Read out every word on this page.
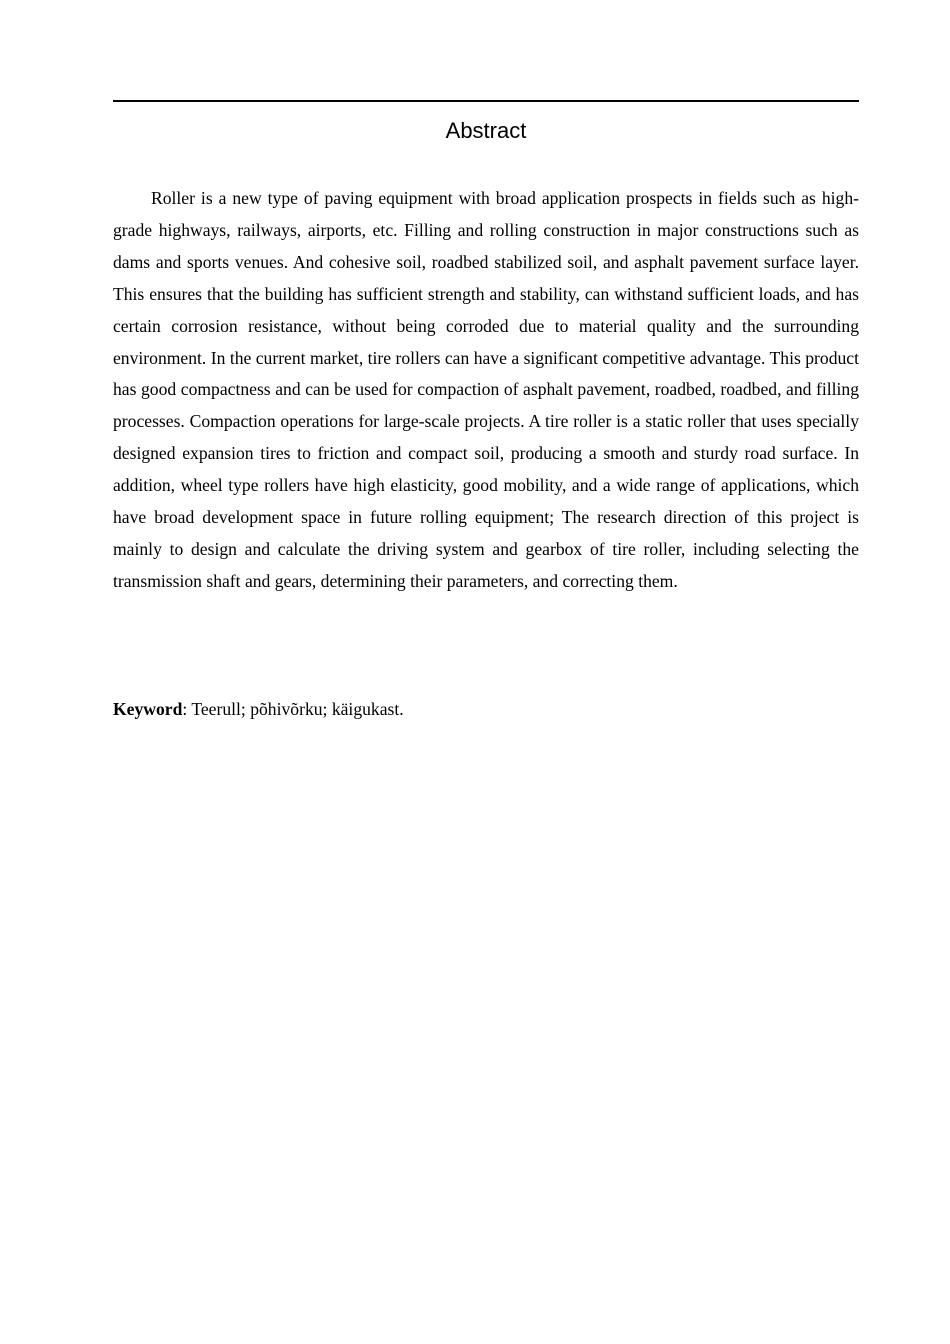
Abstract

Roller is a new type of paving equipment with broad application prospects in fields such as high-grade highways, railways, airports, etc. Filling and rolling construction in major constructions such as dams and sports venues. And cohesive soil, roadbed stabilized soil, and asphalt pavement surface layer. This ensures that the building has sufficient strength and stability, can withstand sufficient loads, and has certain corrosion resistance, without being corroded due to material quality and the surrounding environment. In the current market, tire rollers can have a significant competitive advantage. This product has good compactness and can be used for compaction of asphalt pavement, roadbed, roadbed, and filling processes. Compaction operations for large-scale projects. A tire roller is a static roller that uses specially designed expansion tires to friction and compact soil, producing a smooth and sturdy road surface. In addition, wheel type rollers have high elasticity, good mobility, and a wide range of applications, which have broad development space in future rolling equipment; The research direction of this project is mainly to design and calculate the driving system and gearbox of tire roller, including selecting the transmission shaft and gears, determining their parameters, and correcting them.

Keyword: Teerull; põhivõrku; käigukast.
